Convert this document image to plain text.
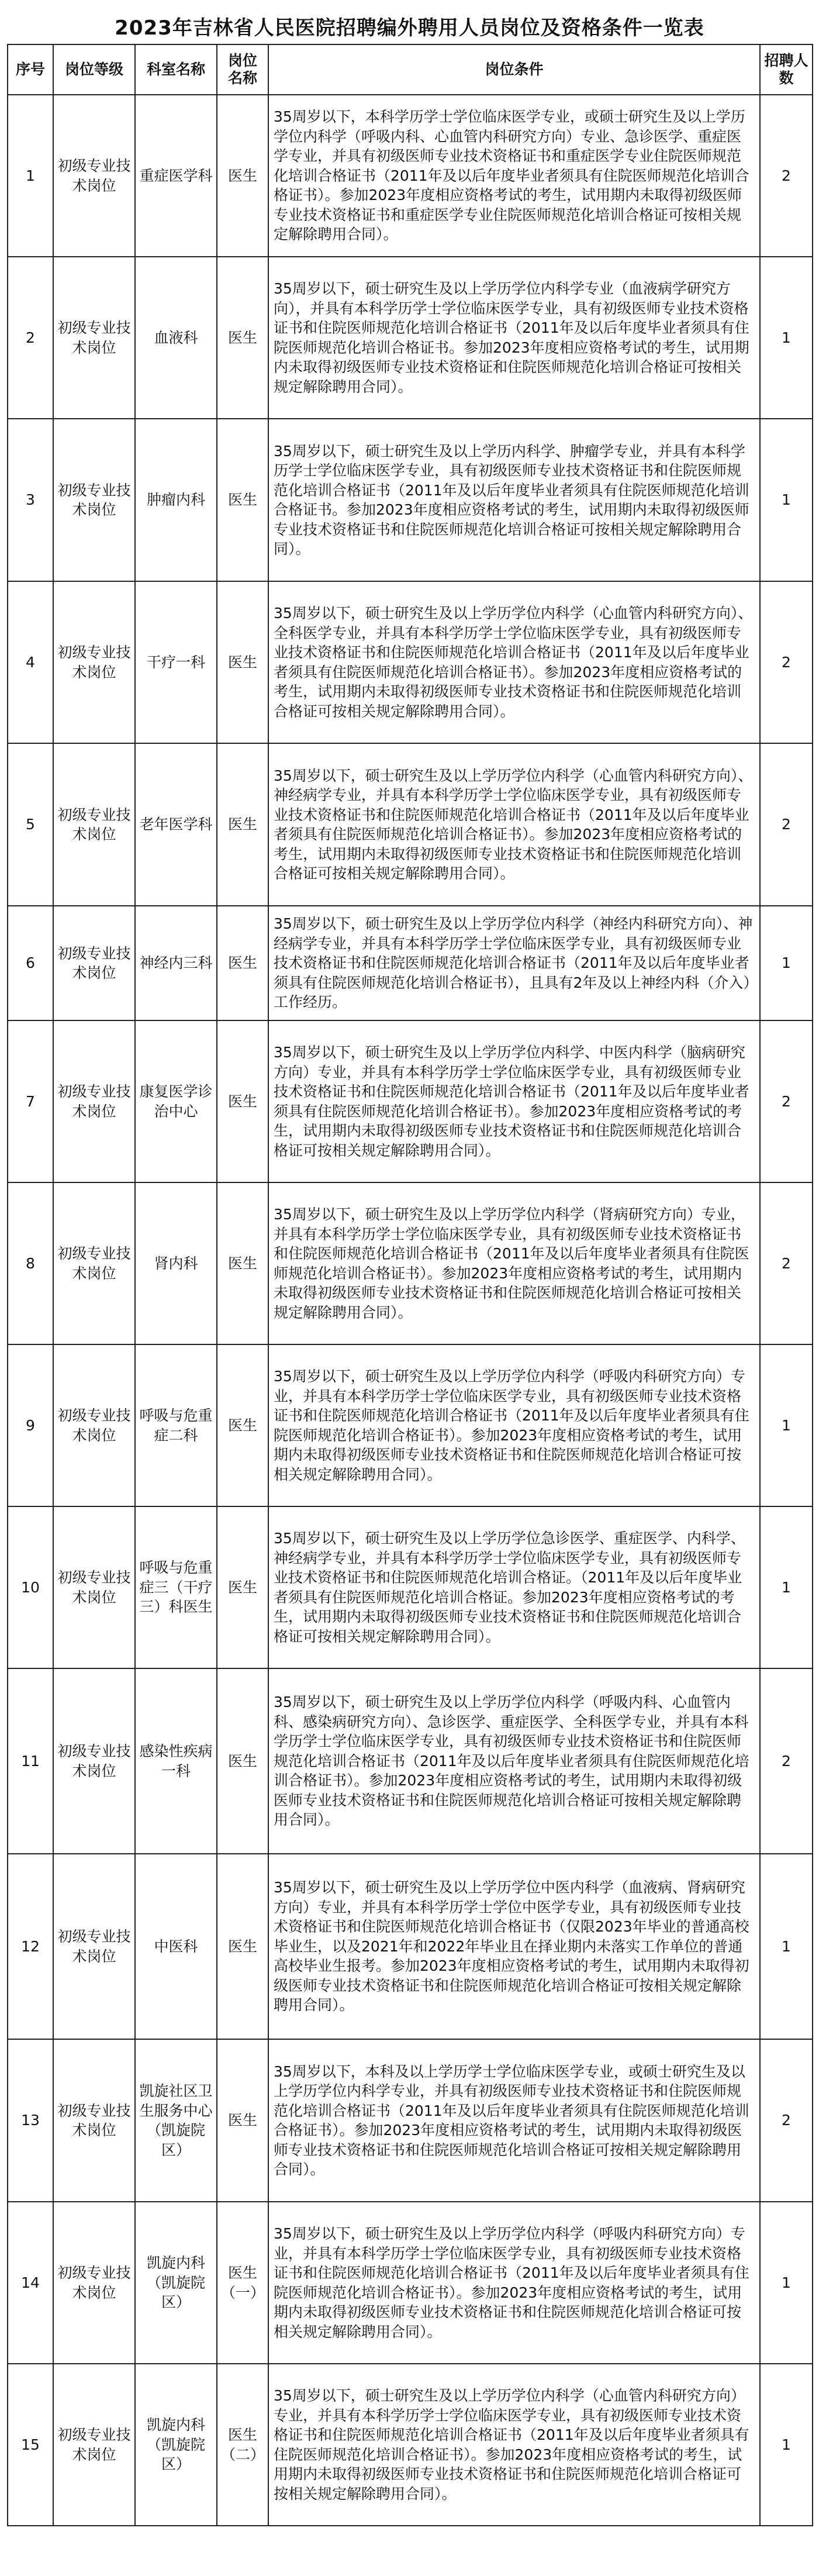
2023年吉林省人民医院招聘编外聘用人员岗位及资格条件一览表
序号	岗位等级	科室名称	岗位名称	岗位条件	招聘人数
1	初级专业技术岗位	重症医学科	医生	35周岁以下，本科学历学士学位临床医学专业，或硕士研究生及以上学历学位内科学（呼吸内科、心血管内科研究方向）专业、急诊医学、重症医学专业，并具有初级医师专业技术资格证书和重症医学专业住院医师规范化培训合格证书（2011年及以后年度毕业者须具有住院医师规范化培训合格证书）。参加2023年度相应资格考试的考生，试用期内未取得初级医师专业技术资格证书和重症医学专业住院医师规范化培训合格证可按相关规定解除聘用合同）。	2
2	初级专业技术岗位	血液科	医生	35周岁以下，硕士研究生及以上学历学位内科学专业（血液病学研究方向），并具有本科学历学士学位临床医学专业，具有初级医师专业技术资格证书和住院医师规范化培训合格证书（2011年及以后年度毕业者须具有住院医师规范化培训合格证书。参加2023年度相应资格考试的考生，试用期内未取得初级医师专业技术资格证和住院医师规范化培训合格证可按相关规定解除聘用合同）。	1
3	初级专业技术岗位	肿瘤内科	医生	35周岁以下，硕士研究生及以上学历内科学、肿瘤学专业，并具有本科学历学士学位临床医学专业，具有初级医师专业技术资格证书和住院医师规范化培训合格证书（2011年及以后年度毕业者须具有住院医师规范化培训合格证书。参加2023年度相应资格考试的考生，试用期内未取得初级医师专业技术资格证书和住院医师规范化培训合格证可按相关规定解除聘用合同）。	1
4	初级专业技术岗位	干疗一科	医生	35周岁以下，硕士研究生及以上学历学位内科学（心血管内科研究方向）、全科医学专业，并具有本科学历学士学位临床医学专业，具有初级医师专业技术资格证书和住院医师规范化培训合格证书（2011年及以后年度毕业者须具有住院医师规范化培训合格证书）。参加2023年度相应资格考试的考生，试用期内未取得初级医师专业技术资格证书和住院医师规范化培训合格证可按相关规定解除聘用合同）。	2
5	初级专业技术岗位	老年医学科	医生	35周岁以下，硕士研究生及以上学历学位内科学（心血管内科研究方向）、神经病学专业，并具有本科学历学士学位临床医学专业，具有初级医师专业技术资格证书和住院医师规范化培训合格证书（2011年及以后年度毕业者须具有住院医师规范化培训合格证书）。参加2023年度相应资格考试的考生，试用期内未取得初级医师专业技术资格证书和住院医师规范化培训合格证可按相关规定解除聘用合同）。	2
6	初级专业技术岗位	神经内三科	医生	35周岁以下，硕士研究生及以上学历学位内科学（神经内科研究方向）、神经病学专业，并具有本科学历学士学位临床医学专业，具有初级医师专业技术资格证书和住院医师规范化培训合格证书（2011年及以后年度毕业者须具有住院医师规范化培训合格证书），且具有2年及以上神经内科（介入）工作经历。	1
7	初级专业技术岗位	康复医学诊治中心	医生	35周岁以下，硕士研究生及以上学历学位内科学、中医内科学（脑病研究方向）专业，并具有本科学历学士学位临床医学专业，具有初级医师专业技术资格证书和住院医师规范化培训合格证书（2011年及以后年度毕业者须具有住院医师规范化培训合格证书）。参加2023年度相应资格考试的考生，试用期内未取得初级医师专业技术资格证书和住院医师规范化培训合格证可按相关规定解除聘用合同）。	2
8	初级专业技术岗位	肾内科	医生	35周岁以下，硕士研究生及以上学历学位内科学（肾病研究方向）专业，并具有本科学历学士学位临床医学专业，具有初级医师专业技术资格证书和住院医师规范化培训合格证书（2011年及以后年度毕业者须具有住院医师规范化培训合格证书）。参加2023年度相应资格考试的考生，试用期内未取得初级医师专业技术资格证书和住院医师规范化培训合格证可按相关规定解除聘用合同）。	2
9	初级专业技术岗位	呼吸与危重症二科	医生	35周岁以下，硕士研究生及以上学历学位内科学（呼吸内科研究方向）专业，并具有本科学历学士学位临床医学专业，具有初级医师专业技术资格证书和住院医师规范化培训合格证书（2011年及以后年度毕业者须具有住院医师规范化培训合格证书）。参加2023年度相应资格考试的考生，试用期内未取得初级医师专业技术资格证书和住院医师规范化培训合格证可按相关规定解除聘用合同）。	1
10	初级专业技术岗位	呼吸与危重症三（干疗三）科医生	医生	35周岁以下，硕士研究生及以上学历学位急诊医学、重症医学、内科学、神经病学专业，并具有本科学历学士学位临床医学专业，具有初级医师专业技术资格证书和住院医师规范化培训合格证。（2011年及以后年度毕业者须具有住院医师规范化培训合格证。参加2023年度相应资格考试的考生，试用期内未取得初级医师专业技术资格证书和住院医师规范化培训合格证可按相关规定解除聘用合同）。	1
11	初级专业技术岗位	感染性疾病一科	医生	35周岁以下，硕士研究生及以上学历学位内科学（呼吸内科、心血管内科、感染病研究方向）、急诊医学、重症医学、全科医学专业，并具有本科学历学士学位临床医学专业，具有初级医师专业技术资格证书和住院医师规范化培训合格证书（2011年及以后年度毕业者须具有住院医师规范化培训合格证书）。参加2023年度相应资格考试的考生，试用期内未取得初级医师专业技术资格证书和住院医师规范化培训合格证可按相关规定解除聘用合同）。	2
12	初级专业技术岗位	中医科	医生	35周岁以下，硕士研究生及以上学历学位中医内科学（血液病、肾病研究方向）专业，并具有本科学历学士学位中医学专业，具有初级医师专业技术资格证书和住院医师规范化培训合格证书（仅限2023年毕业的普通高校毕业生，以及2021年和2022年毕业且在择业期内未落实工作单位的普通高校毕业生报考。参加2023年度相应资格考试的考生，试用期内未取得初级医师专业技术资格证书和住院医师规范化培训合格证可按相关规定解除聘用合同）。	1
13	初级专业技术岗位	凯旋社区卫生服务中心（凯旋院区）	医生	35周岁以下，本科及以上学历学士学位临床医学专业，或硕士研究生及以上学历学位内科学专业，并具有初级医师专业技术资格证书和住院医师规范化培训合格证书（2011年及以后年度毕业者须具有住院医师规范化培训合格证书）。参加2023年度相应资格考试的考生，试用期内未取得初级医师专业技术资格证书和住院医师规范化培训合格证可按相关规定解除聘用合同）。	2
14	初级专业技术岗位	凯旋内科（凯旋院区）	医生（一）	35周岁以下，硕士研究生及以上学历学位内科学（呼吸内科研究方向）专业，并具有本科学历学士学位临床医学专业，具有初级医师专业技术资格证书和住院医师规范化培训合格证书（2011年及以后年度毕业者须具有住院医师规范化培训合格证书）。参加2023年度相应资格考试的考生，试用期内未取得初级医师专业技术资格证书和住院医师规范化培训合格证可按相关规定解除聘用合同）。	1
15	初级专业技术岗位	凯旋内科（凯旋院区）	医生（二）	35周岁以下，硕士研究生及以上学历学位内科学（心血管内科研究方向）专业，并具有本科学历学士学位临床医学专业，具有初级医师专业技术资格证书和住院医师规范化培训合格证书（2011年及以后年度毕业者须具有住院医师规范化培训合格证书）。参加2023年度相应资格考试的考生，试用期内未取得初级医师专业技术资格证书和住院医师规范化培训合格证可按相关规定解除聘用合同）。	1
